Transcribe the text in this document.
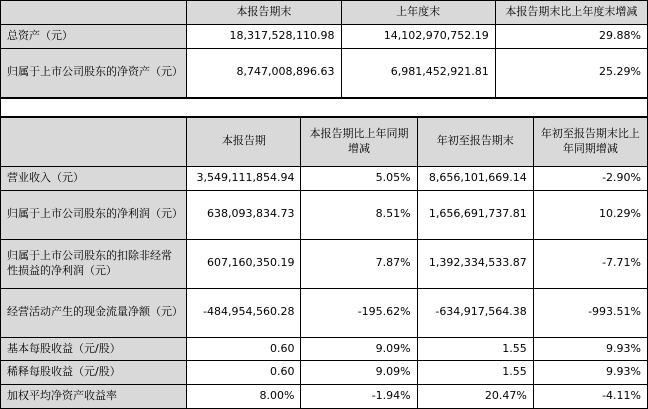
	本报告期末	上年度末	本报告期末比上年度末增减
总资产（元）	18,317,528,110.98	14,102,970,752.19	29.88%
归属于上市公司股东的净资产（元）	8,747,008,896.63	6,981,452,921.81	25.29%
	本报告期	本报告期比上年同期增减	年初至报告期末	年初至报告期末比上年同期增减
营业收入（元）	3,549,111,854.94	5.05%	8,656,101,669.14	-2.90%
归属于上市公司股东的净利润（元）	638,093,834.73	8.51%	1,656,691,737.81	10.29%
归属于上市公司股东的扣除非经常性损益的净利润（元）	607,160,350.19	7.87%	1,392,334,533.87	-7.71%
经营活动产生的现金流量净额（元）	-484,954,560.28	-195.62%	-634,917,564.38	-993.51%
基本每股收益（元/股）	0.60	9.09%	1.55	9.93%
稀释每股收益（元/股）	0.60	9.09%	1.55	9.93%
加权平均净资产收益率	8.00%	-1.94%	20.47%	-4.11%
